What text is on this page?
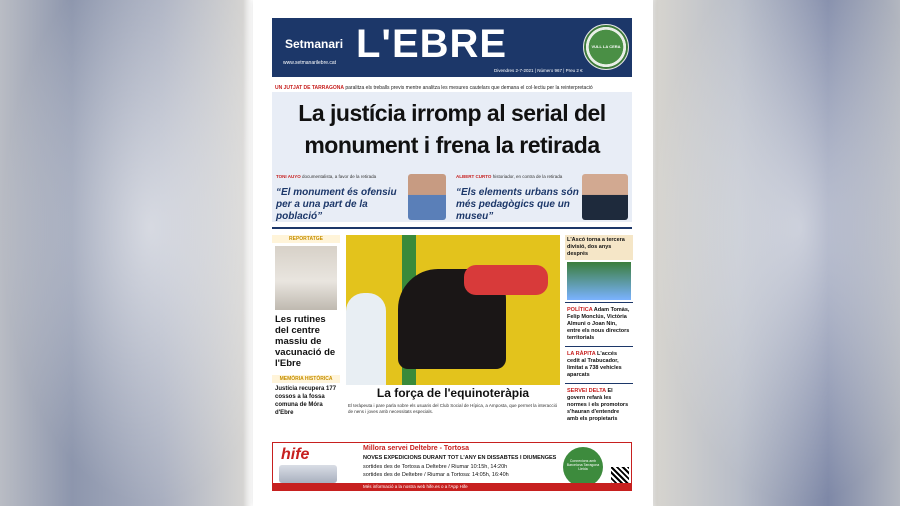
Setmanari L'EBRE
www.setmanarilebre.cat
Divendres 2-7-2021 | Número 967 | Preu 2 €
VULL LA CERA
UN JUTJAT DE TARRAGONA paralitza els treballs previs mentre analitza les mesures cautelars que demana el col·lectiu per la reinterpretació
La justícia irromp al serial del monument i frena la retirada
TONI AUYO documentalista, a favor de la retirada
“El monument és ofensiu per a una part de la població”
ALBERT CURTO historiador, en contra de la retirada
“Els elements urbans són més pedagògics que un museu”
REPORTATGE
Les rutines del centre massiu de vacunació de l'Ebre
MEMÒRIA HISTÒRICA
Justícia recupera 177 cossos a la fossa comuna de Móra d'Ebre
La força de l'equinoteràpia
El teràpeuta i pare parla sobre els usuaris del Club Social de Hípica, a Amposta, que permet la interacció de nens i joves amb necessitats especials.
L'Ascó torna a tercera divisió, dos anys després
POLÍTICA Adam Tomàs, Felip Monclús, Victòria Almuni o Joan Nin, entre els nous directors territorials
LA RÀPITA L'accés cedit al Trabucador, limitat a 738 vehicles aparcats
SERVEI DELTA El govern refarà les normes i els promotors s'hauran d'entendre amb els propietaris
hife	Millora servei Deltebre - Tortosa
NOVES EXPEDICIONS DURANT TOT L'ANY EN DISSABTES I DIUMENGES
sortides des de Tortosa a Deltebre / Riumar 10:15h, 14:20h
sortides des de Deltebre / Riumar a Tortosa: 14:05h, 16:40h
Connexions amb Barcelona Tarragona Lleida
Més informació a la nostra web hife.es o a l'App Hife
